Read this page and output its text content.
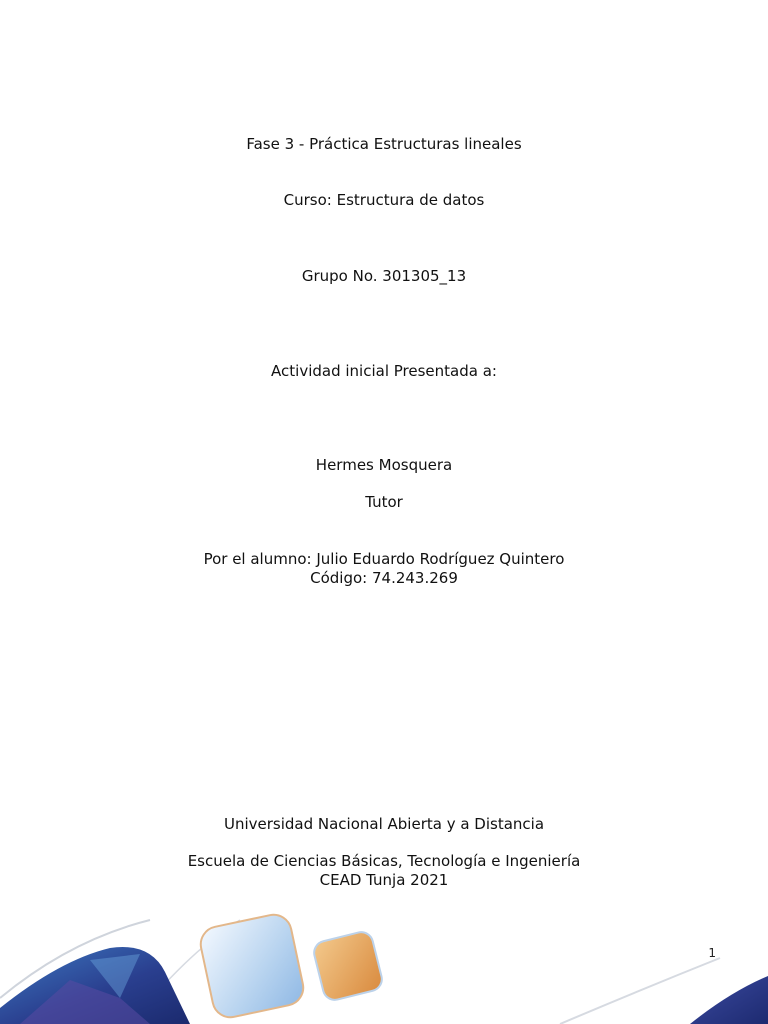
Fase 3 - Práctica Estructuras lineales
Curso: Estructura de datos
Grupo No. 301305_13
Actividad inicial Presentada a:
Hermes Mosquera
Tutor
Por el alumno: Julio Eduardo Rodríguez Quintero
Código: 74.243.269
Universidad Nacional Abierta y a Distancia
Escuela de Ciencias Básicas, Tecnología e Ingeniería
CEAD Tunja 2021
1
